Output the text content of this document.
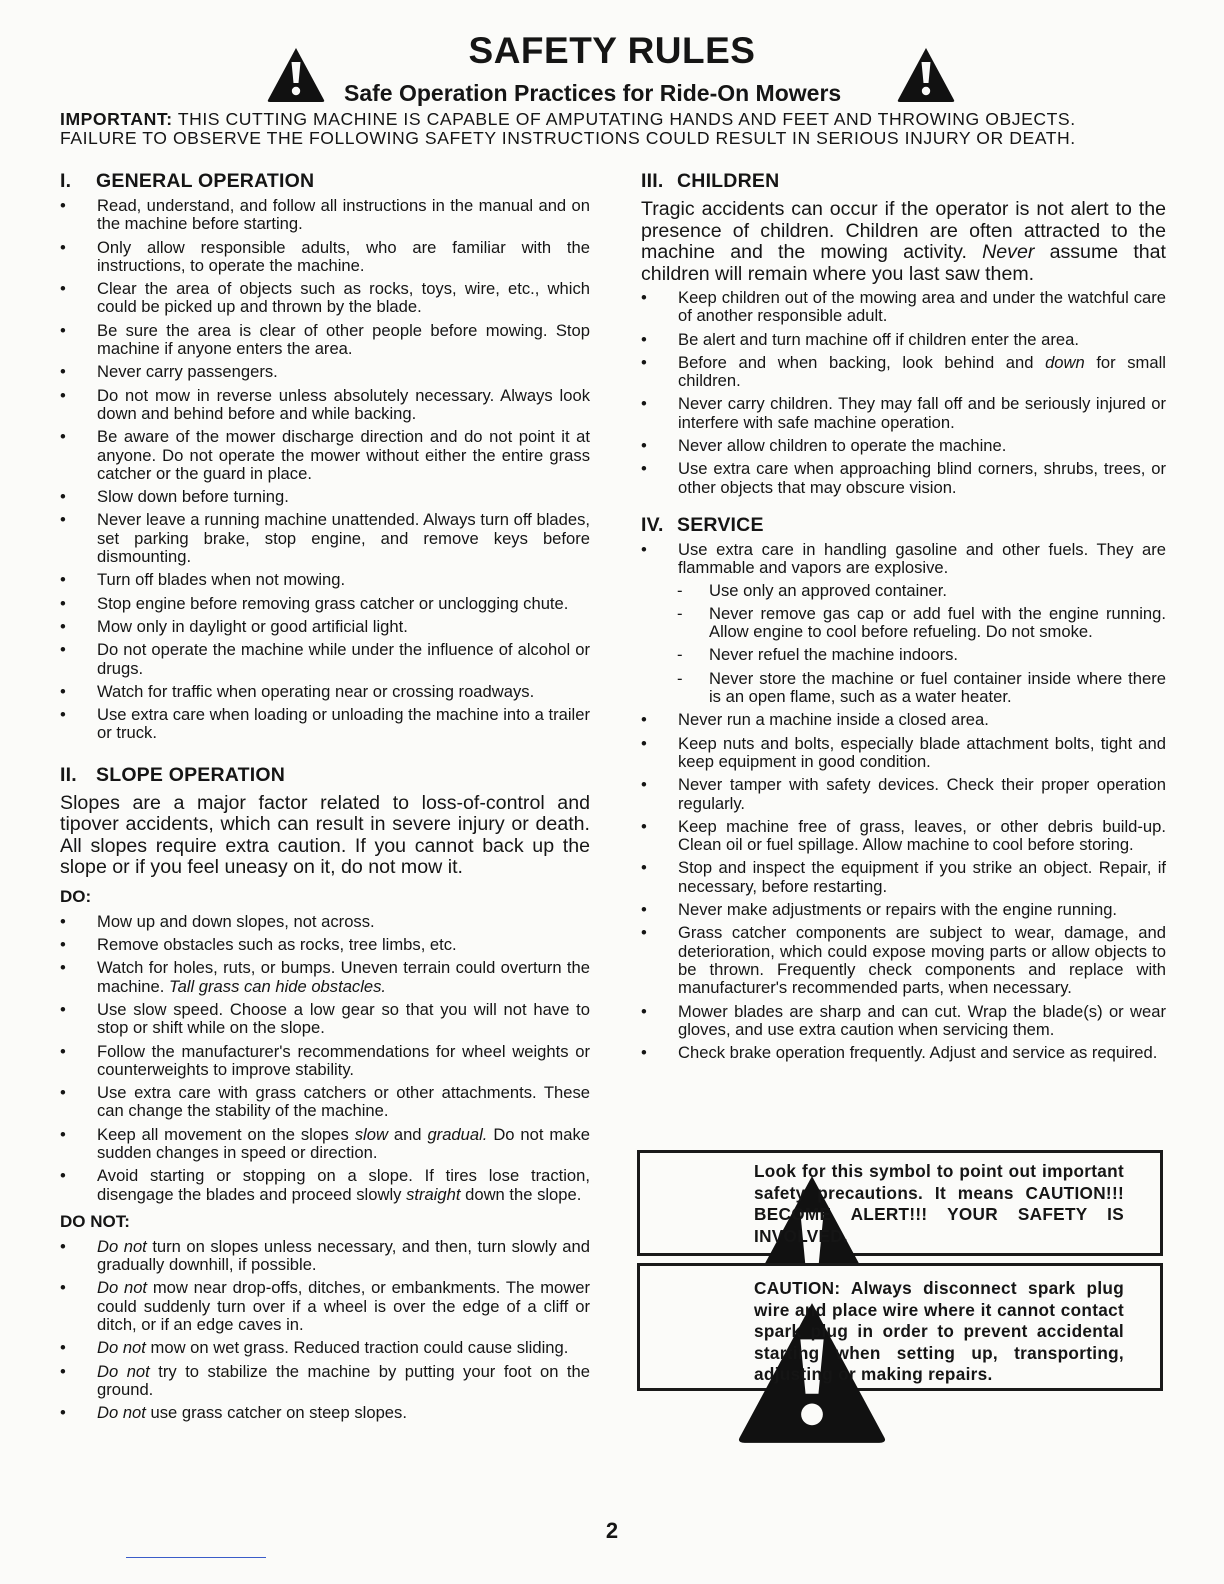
SAFETY RULES
Safe Operation Practices for Ride-On Mowers
IMPORTANT: THIS CUTTING MACHINE IS CAPABLE OF AMPUTATING HANDS AND FEET AND THROWING OBJECTS.
FAILURE TO OBSERVE THE FOLLOWING SAFETY INSTRUCTIONS COULD RESULT IN SERIOUS INJURY OR DEATH.
I.	GENERAL OPERATION
• Read, understand, and follow all instructions in the manual and on the machine before starting.
• Only allow responsible adults, who are familiar with the instructions, to operate the machine.
• Clear the area of objects such as rocks, toys, wire, etc., which could be picked up and thrown by the blade.
• Be sure the area is clear of other people before mowing. Stop machine if anyone enters the area.
• Never carry passengers.
• Do not mow in reverse unless absolutely necessary. Always look down and behind before and while backing.
• Be aware of the mower discharge direction and do not point it at anyone. Do not operate the mower without either the entire grass catcher or the guard in place.
• Slow down before turning.
• Never leave a running machine unattended. Always turn off blades, set parking brake, stop engine, and remove keys before dismounting.
• Turn off blades when not mowing.
• Stop engine before removing grass catcher or unclogging chute.
• Mow only in daylight or good artificial light.
• Do not operate the machine while under the influence of alcohol or drugs.
• Watch for traffic when operating near or crossing roadways.
• Use extra care when loading or unloading the machine into a trailer or truck.
II. SLOPE OPERATION
Slopes are a major factor related to loss-of-control and tipover accidents, which can result in severe injury or death. All slopes require extra caution. If you cannot back up the slope or if you feel uneasy on it, do not mow it.
DO:
• Mow up and down slopes, not across.
• Remove obstacles such as rocks, tree limbs, etc.
• Watch for holes, ruts, or bumps. Uneven terrain could overturn the machine. Tall grass can hide obstacles.
• Use slow speed. Choose a low gear so that you will not have to stop or shift while on the slope.
• Follow the manufacturer's recommendations for wheel weights or counterweights to improve stability.
• Use extra care with grass catchers or other attachments. These can change the stability of the machine.
• Keep all movement on the slopes slow and gradual. Do not make sudden changes in speed or direction.
• Avoid starting or stopping on a slope. If tires lose traction, disengage the blades and proceed slowly straight down the slope.
DO NOT:
• Do not turn on slopes unless necessary, and then, turn slowly and gradually downhill, if possible.
• Do not mow near drop-offs, ditches, or embankments. The mower could suddenly turn over if a wheel is over the edge of a cliff or ditch, or if an edge caves in.
• Do not mow on wet grass. Reduced traction could cause sliding.
• Do not try to stabilize the machine by putting your foot on the ground.
• Do not use grass catcher on steep slopes.
III. CHILDREN
Tragic accidents can occur if the operator is not alert to the presence of children. Children are often attracted to the machine and the mowing activity. Never assume that children will remain where you last saw them.
• Keep children out of the mowing area and under the watchful care of another responsible adult.
• Be alert and turn machine off if children enter the area.
• Before and when backing, look behind and down for small children.
• Never carry children. They may fall off and be seriously injured or interfere with safe machine operation.
• Never allow children to operate the machine.
• Use extra care when approaching blind corners, shrubs, trees, or other objects that may obscure vision.
IV. SERVICE
• Use extra care in handling gasoline and other fuels. They are flammable and vapors are explosive.
- Use only an approved container.
- Never remove gas cap or add fuel with the engine running. Allow engine to cool before refueling. Do not smoke.
- Never refuel the machine indoors.
- Never store the machine or fuel container inside where there is an open flame, such as a water heater.
• Never run a machine inside a closed area.
• Keep nuts and bolts, especially blade attachment bolts, tight and keep equipment in good condition.
• Never tamper with safety devices. Check their proper operation regularly.
• Keep machine free of grass, leaves, or other debris build-up. Clean oil or fuel spillage. Allow machine to cool before storing.
• Stop and inspect the equipment if you strike an object. Repair, if necessary, before restarting.
• Never make adjustments or repairs with the engine running.
• Grass catcher components are subject to wear, damage, and deterioration, which could expose moving parts or allow objects to be thrown. Frequently check components and replace with manufacturer's recommended parts, when necessary.
• Mower blades are sharp and can cut. Wrap the blade(s) or wear gloves, and use extra caution when servicing them.
• Check brake operation frequently. Adjust and service as required.
Look for this symbol to point out important safety precautions. It means CAUTION!!! BECOME ALERT!!! YOUR SAFETY IS INVOLVED.
CAUTION: Always disconnect spark plug wire and place wire where it cannot contact spark plug in order to prevent accidental starting when setting up, transporting, adjusting or making repairs.
2
